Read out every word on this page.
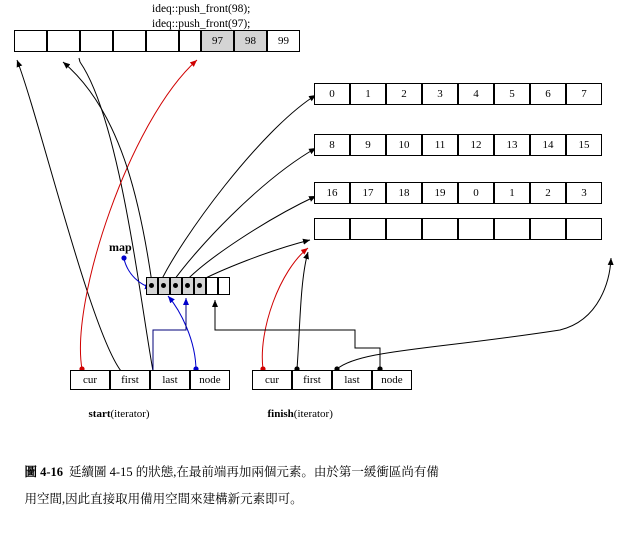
ideq::push_front(98);
ideq::push_front(97);
97	98	99
0	1	2	3	4	5	6	7
8	9	10	11	12	13	14	15
16	17	18	19	0	1	2	3
map
cur	first	last	node

start(iterator)

cur	first	last	node

finish(iterator)

圖 4-16 延續圖 4-15 的狀態,在最前端再加兩個元素。由於第一緩衝區尚有備

用空間,因此直接取用備用空間來建構新元素即可。
